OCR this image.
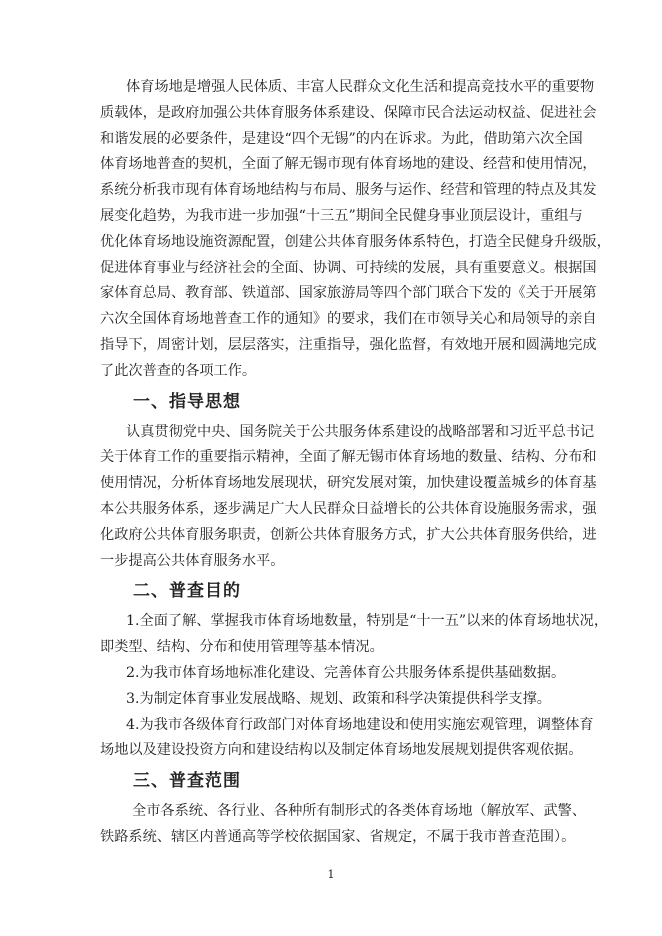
体育场地是增强人民体质、丰富人民群众文化生活和提高竞技水平的重要物
质载体，是政府加强公共体育服务体系建设、保障市民合法运动权益、促进社会
和谐发展的必要条件，是建设“四个无锡”的内在诉求。为此，借助第六次全国
体育场地普查的契机，全面了解无锡市现有体育场地的建设、经营和使用情况，
系统分析我市现有体育场地结构与布局、服务与运作、经营和管理的特点及其发
展变化趋势，为我市进一步加强“十三五”期间全民健身事业顶层设计，重组与
优化体育场地设施资源配置，创建公共体育服务体系特色，打造全民健身升级版，
促进体育事业与经济社会的全面、协调、可持续的发展，具有重要意义。根据国
家体育总局、教育部、铁道部、国家旅游局等四个部门联合下发的《关于开展第
六次全国体育场地普查工作的通知》的要求，我们在市领导关心和局领导的亲自
指导下，周密计划，层层落实，注重指导，强化监督，有效地开展和圆满地完成
了此次普查的各项工作。
一、指导思想
认真贯彻党中央、国务院关于公共服务体系建设的战略部署和习近平总书记
关于体育工作的重要指示精神，全面了解无锡市体育场地的数量、结构、分布和
使用情况，分析体育场地发展现状，研究发展对策，加快建设覆盖城乡的体育基
本公共服务体系，逐步满足广大人民群众日益增长的公共体育设施服务需求，强
化政府公共体育服务职责，创新公共体育服务方式，扩大公共体育服务供给，进
一步提高公共体育服务水平。
二、普查目的
1.全面了解、掌握我市体育场地数量，特别是“十一五”以来的体育场地状况，
即类型、结构、分布和使用管理等基本情况。
2.为我市体育场地标准化建设、完善体育公共服务体系提供基础数据。
3.为制定体育事业发展战略、规划、政策和科学决策提供科学支撑。
4.为我市各级体育行政部门对体育场地建设和使用实施宏观管理，调整体育
场地以及建设投资方向和建设结构以及制定体育场地发展规划提供客观依据。
三、普查范围
全市各系统、各行业、各种所有制形式的各类体育场地（解放军、武警、
铁路系统、辖区内普通高等学校依据国家、省规定，不属于我市普查范围）。
1
